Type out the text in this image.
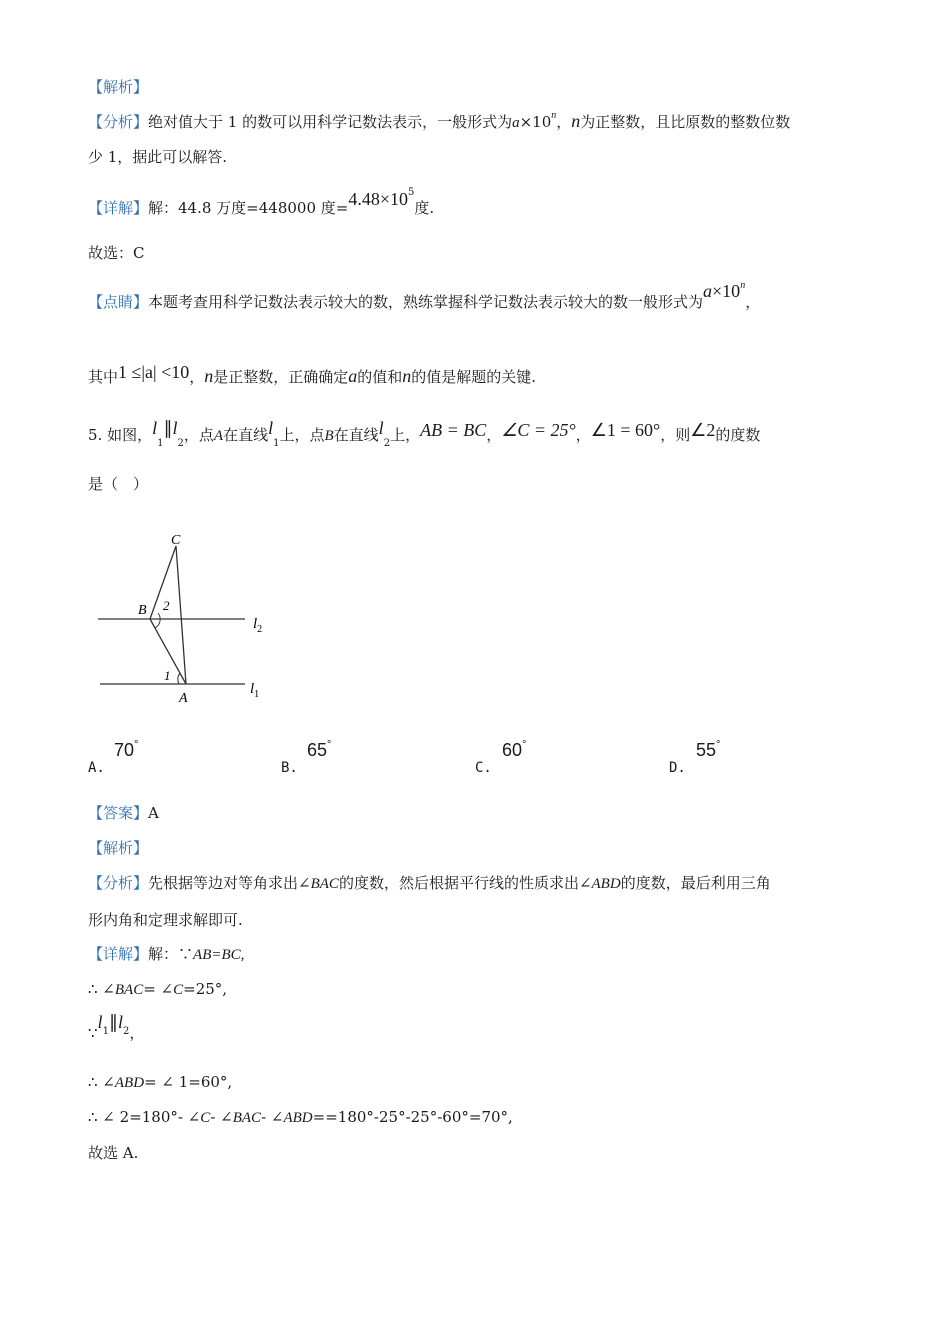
【解析】
【分析】绝对值大于 1 的数可以用科学记数法表示，一般形式为$a\times 10^n$，n为正整数，且比原数的整数位数
少 1，据此可以解答.
【详解】解：44.8 万度=448000 度$=4.48\times 10^5$度.
故选：C
【点睛】本题考查用科学记数法表示较大的数，熟练掌握科学记数法表示较大的数一般形式为$a\times 10^n$，
其中1 ≤|a| <10，n是正整数，正确确定a的值和n的值是解题的关键.
5. 如图，$l_1\parallel l_2$，点A在直线$l_1$上，点B在直线$l_2$上，AB = BC，∠C = 25°，∠1 = 60°，则∠2的度数
是（　）
C
B
A
2
1
$l_2$
$l_1$
A.
70°
B.
65°
C.
60°
D.
55°
【答案】A
【解析】
【分析】先根据等边对等角求出∠BAC的度数，然后根据平行线的性质求出∠ABD的度数，最后利用三角
形内角和定理求解即可.
【详解】解：∵AB=BC,
∴ ∠BAC= ∠C=25°,
$\because l^1\parallel l^2$，
∴ ∠ABD= ∠ 1=60°,
∴ ∠ 2=180°- ∠C- ∠BAC- ∠ABD==180°-25°-25°-60°=70°,
故选 A.
